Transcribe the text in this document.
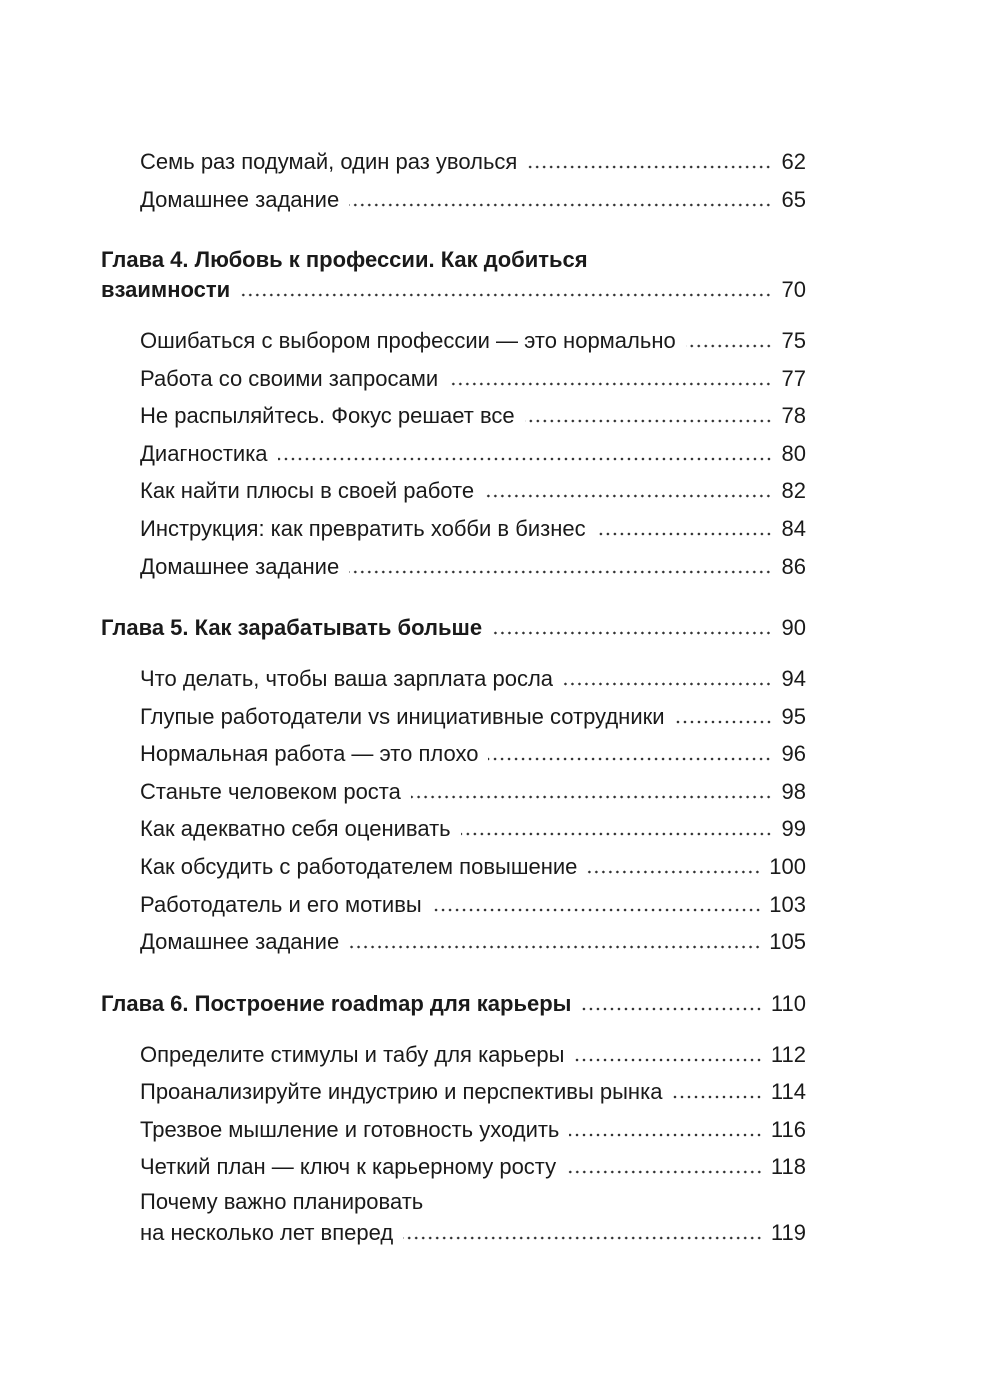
Семь раз подумай, один раз уволься	62
Домашнее задание	65
Глава 4. Любовь к профессии. Как добиться
взаимности	70
Ошибаться с выбором профессии — это нормально	75
Работа со своими запросами	77
Не распыляйтесь. Фокус решает все	78
Диагностика	80
Как найти плюсы в своей работе	82
Инструкция: как превратить хобби в бизнес	84
Домашнее задание	86
Глава 5. Как зарабатывать больше	90
Что делать, чтобы ваша зарплата росла	94
Глупые работодатели vs инициативные сотрудники	95
Нормальная работа — это плохо	96
Станьте человеком роста	98
Как адекватно себя оценивать	99
Как обсудить с работодателем повышение	100
Работодатель и его мотивы	103
Домашнее задание	105
Глава 6. Построение roadmap для карьеры	110
Определите стимулы и табу для карьеры	112
Проанализируйте индустрию и перспективы рынка	114
Трезвое мышление и готовность уходить	116
Четкий план — ключ к карьерному росту	118
Почему важно планировать
на несколько лет вперед	119
